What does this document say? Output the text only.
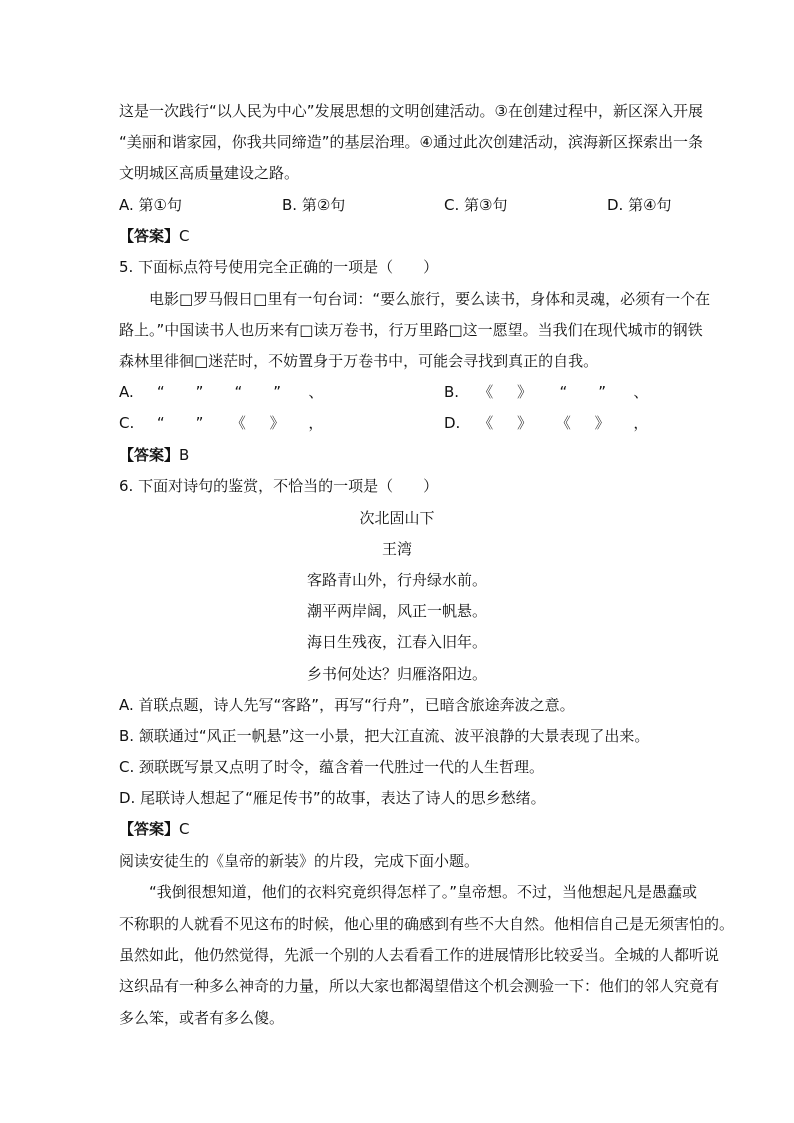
这是一次践行“以人民为中心”发展思想的文明创建活动。③在创建过程中，新区深入开展
“美丽和谐家园，你我共同缔造”的基层治理。④通过此次创建活动，滨海新区探索出一条
文明城区高质量建设之路。
A. 第①句	B. 第②句	C. 第③句	D. 第④句
【答案】C
5. 下面标点符号使用完全正确的一项是（　　）
电影□罗马假日□里有一句台词：“要么旅行，要么读书，身体和灵魂，必须有一个在
路上。”中国读书人也历来有□读万卷书，行万里路□这一愿望。当我们在现代城市的钢铁
森林里徘徊□迷茫时，不妨置身于万卷书中，可能会寻找到真正的自我。
A. “ ” “ ” 、	B. 《 》 “ ” 、
C. “ ” 《 》 ，	D. 《 》 《 》 ，
【答案】B
6. 下面对诗句的鉴赏，不恰当的一项是（　　）
次北固山下
王湾
客路青山外，行舟绿水前。
潮平两岸阔，风正一帆悬。
海日生残夜，江春入旧年。
乡书何处达？归雁洛阳边。
A. 首联点题，诗人先写“客路”，再写“行舟”，已暗含旅途奔波之意。
B. 颔联通过“风正一帆悬”这一小景，把大江直流、波平浪静的大景表现了出来。
C. 颈联既写景又点明了时令，蕴含着一代胜过一代的人生哲理。
D. 尾联诗人想起了“雁足传书”的故事，表达了诗人的思乡愁绪。
【答案】C
阅读安徒生的《皇帝的新装》的片段，完成下面小题。
“我倒很想知道，他们的衣料究竟织得怎样了。”皇帝想。不过，当他想起凡是愚蠢或
不称职的人就看不见这布的时候，他心里的确感到有些不大自然。他相信自己是无须害怕的。
虽然如此，他仍然觉得，先派一个别的人去看看工作的进展情形比较妥当。全城的人都听说
这织品有一种多么神奇的力量，所以大家也都渴望借这个机会测验一下：他们的邻人究竟有
多么笨，或者有多么傻。
